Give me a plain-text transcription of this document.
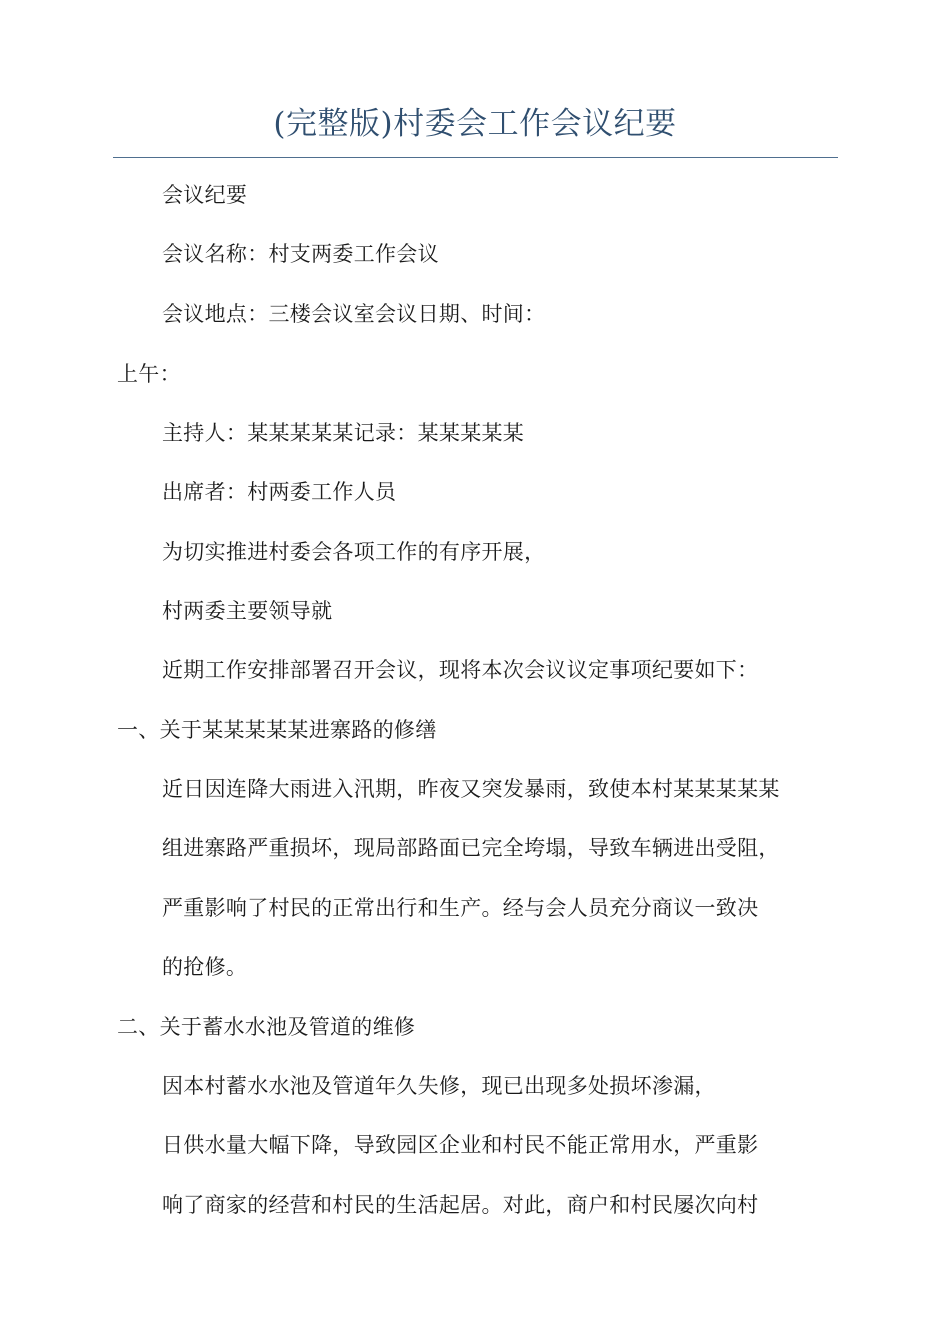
(完整版)村委会工作会议纪要
会议纪要
会议名称：村支两委工作会议
会议地点：三楼会议室会议日期、时间：
上午：
主持人：某某某某某记录：某某某某某
出席者：村两委工作人员
为切实推进村委会各项工作的有序开展，
村两委主要领导就
近期工作安排部署召开会议，现将本次会议议定事项纪要如下：
一、关于某某某某某进寨路的修缮
近日因连降大雨进入汛期，昨夜又突发暴雨，致使本村某某某某某
组进寨路严重损坏，现局部路面已完全垮塌，导致车辆进出受阻，
严重影响了村民的正常出行和生产。经与会人员充分商议一致决
的抢修。
二、关于蓄水水池及管道的维修
因本村蓄水水池及管道年久失修，现已出现多处损坏渗漏，
日供水量大幅下降，导致园区企业和村民不能正常用水，严重影
响了商家的经营和村民的生活起居。对此，商户和村民屡次向村
